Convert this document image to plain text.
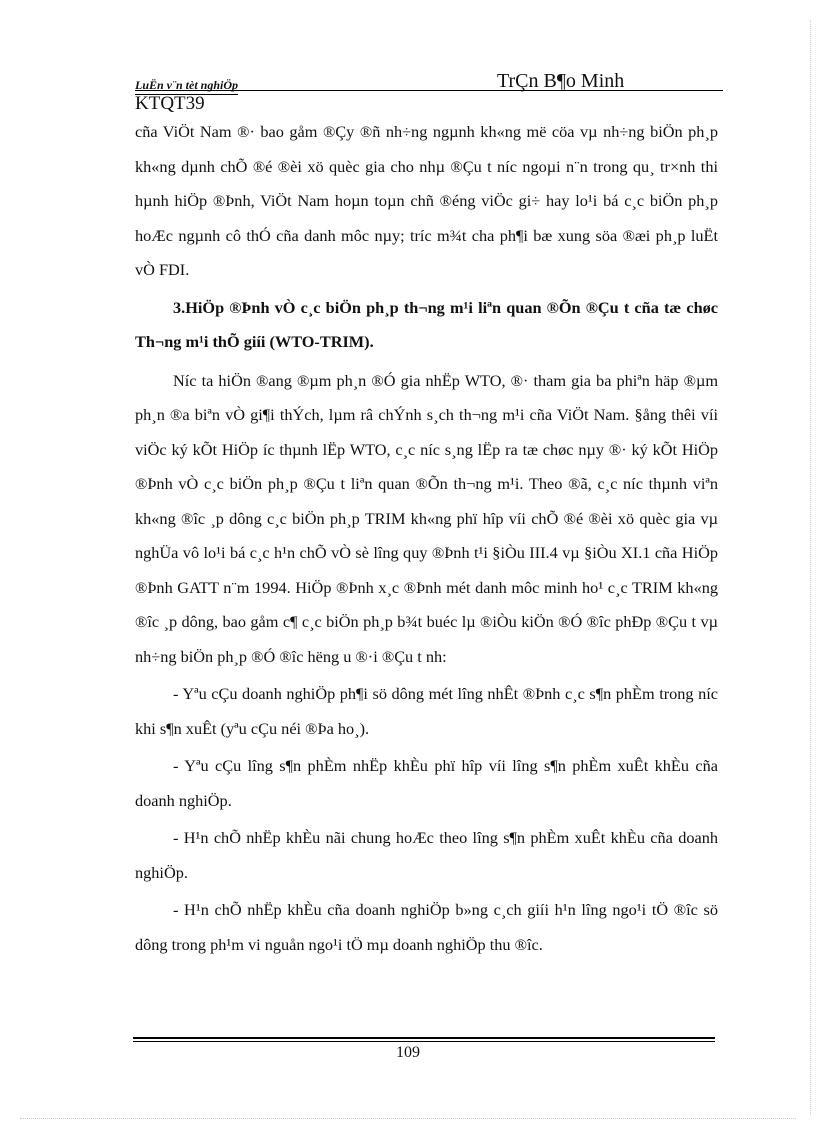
LuËn v¨n tèt nghiÖp	TrÇn B¶o Minh
KTQT39

cña ViÖt Nam ®· bao gåm ®Çy ®ñ nh÷ng ngµnh kh«ng më cöa vµ nh÷ng biÖn ph¸p kh«ng dµnh chÕ ®é ®èi xö quèc gia cho nhµ ®Çu t níc ngoµi n¨n trong qu¸ tr×nh thi hµnh hiÖp ®Þnh, ViÖt Nam hoµn toµn chñ ®éng viÖc gi÷ hay lo¹i bá c¸c biÖn ph¸p hoÆc ngµnh cô thÓ cña danh môc nµy; tríc m¾t cha ph¶i bæ xung söa ®æi ph¸p luËt vÒ FDI.

3.HiÖp ®Þnh vÒ c¸c biÖn ph¸p th¬ng m¹i liªn quan ®Õn ®Çu t cña tæ chøc Th¬ng m¹i thÕ giíi (WTO-TRIM).

Níc ta hiÖn ®ang ®µm ph¸n ®Ó gia nhËp WTO, ®· tham gia ba phiªn häp ®µm ph¸n ®a biªn vÒ gi¶i thÝch, lµm râ chÝnh s¸ch th¬ng m¹i cña ViÖt Nam. §ång thêi víi viÖc ký kÕt HiÖp íc thµnh lËp WTO, c¸c níc s¸ng lËp ra tæ chøc nµy ®· ký kÕt HiÖp ®Þnh vÒ c¸c biÖn ph¸p ®Çu t liªn quan ®Õn th¬ng m¹i. Theo ®ã, c¸c níc thµnh viªn kh«ng ®îc ¸p dông c¸c biÖn ph¸p TRIM kh«ng phï hîp víi chÕ ®é ®èi xö quèc gia vµ nghÜa vô lo¹i bá c¸c h¹n chÕ vÒ sè lîng quy ®Þnh t¹i §iÒu III.4 vµ §iÒu XI.1 cña HiÖp ®Þnh GATT n¨m 1994. HiÖp ®Þnh x¸c ®Þnh mét danh môc minh ho¹ c¸c TRIM kh«ng ®îc ¸p dông, bao gåm c¶ c¸c biÖn ph¸p b¾t buéc lµ ®iÒu kiÖn ®Ó ®îc phÐp ®Çu t vµ nh÷ng biÖn ph¸p ®Ó ®îc hëng u ®·i ®Çu t nh:

- Yªu cÇu doanh nghiÖp ph¶i sö dông mét lîng nhÊt ®Þnh c¸c s¶n phÈm trong níc khi s¶n xuÊt (yªu cÇu néi ®Þa ho¸).

- Yªu cÇu lîng s¶n phÈm nhËp khÈu phï hîp víi lîng s¶n phÈm xuÊt khÈu cña doanh nghiÖp.

- H¹n chÕ nhËp khÈu nãi chung hoÆc theo lîng s¶n phÈm xuÊt khÈu cña doanh nghiÖp.

- H¹n chÕ nhËp khÈu cña doanh nghiÖp b»ng c¸ch giíi h¹n lîng ngo¹i tÖ ®îc sö dông trong ph¹m vi nguån ngo¹i tÖ mµ doanh nghiÖp thu ®îc.

109
